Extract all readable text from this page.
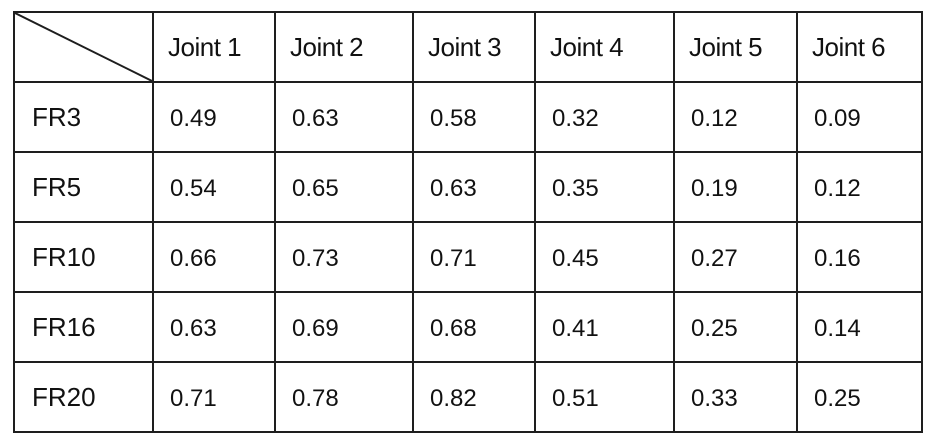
	Joint 1	Joint 2	Joint 3	Joint 4	Joint 5	Joint 6
FR3	0.49	0.63	0.58	0.32	0.12	0.09
FR5	0.54	0.65	0.63	0.35	0.19	0.12
FR10	0.66	0.73	0.71	0.45	0.27	0.16
FR16	0.63	0.69	0.68	0.41	0.25	0.14
FR20	0.71	0.78	0.82	0.51	0.33	0.25
